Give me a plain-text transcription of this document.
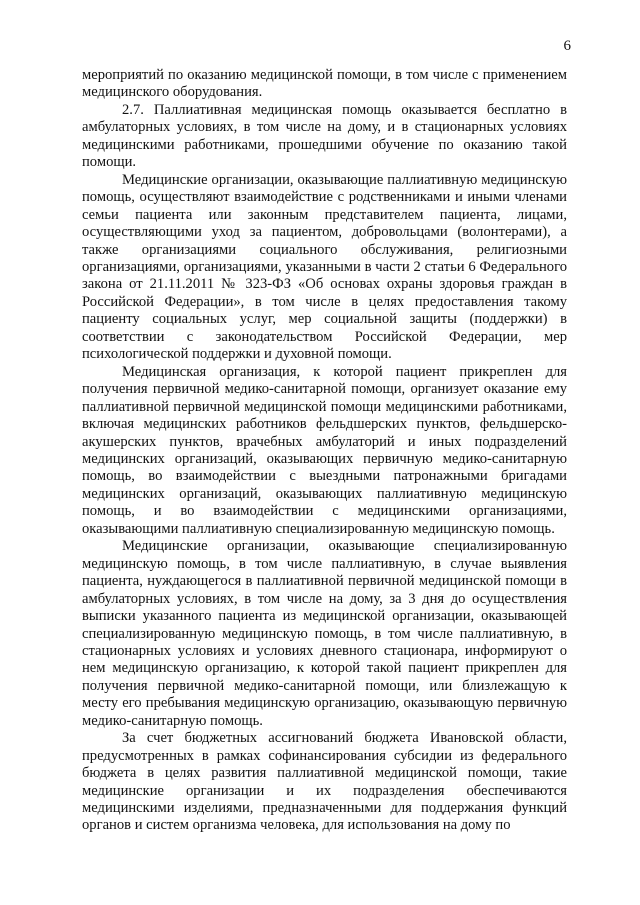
6

мероприятий по оказанию медицинской помощи, в том числе с применением медицинского оборудования.

2.7. Паллиативная медицинская помощь оказывается бесплатно в амбулаторных условиях, в том числе на дому, и в стационарных условиях медицинскими работниками, прошедшими обучение по оказанию такой помощи.

Медицинские организации, оказывающие паллиативную медицинскую помощь, осуществляют взаимодействие с родственниками и иными членами семьи пациента или законным представителем пациента, лицами, осуществляющими уход за пациентом, добровольцами (волонтерами), а также организациями социального обслуживания, религиозными организациями, организациями, указанными в части 2 статьи 6 Федерального закона от 21.11.2011 № 323-ФЗ «Об основах охраны здоровья граждан в Российской Федерации», в том числе в целях предоставления такому пациенту социальных услуг, мер социальной защиты (поддержки) в соответствии с законодательством Российской Федерации, мер психологической поддержки и духовной помощи.

Медицинская организация, к которой пациент прикреплен для получения первичной медико-санитарной помощи, организует оказание ему паллиативной первичной медицинской помощи медицинскими работниками, включая медицинских работников фельдшерских пунктов, фельдшерско-акушерских пунктов, врачебных амбулаторий и иных подразделений медицинских организаций, оказывающих первичную медико-санитарную помощь, во взаимодействии с выездными патронажными бригадами медицинских организаций, оказывающих паллиативную медицинскую помощь, и во взаимодействии с медицинскими организациями, оказывающими паллиативную специализированную медицинскую помощь.

Медицинские организации, оказывающие специализированную медицинскую помощь, в том числе паллиативную, в случае выявления пациента, нуждающегося в паллиативной первичной медицинской помощи в амбулаторных условиях, в том числе на дому, за 3 дня до осуществления выписки указанного пациента из медицинской организации, оказывающей специализированную медицинскую помощь, в том числе паллиативную, в стационарных условиях и условиях дневного стационара, информируют о нем медицинскую организацию, к которой такой пациент прикреплен для получения первичной медико-санитарной помощи, или близлежащую к месту его пребывания медицинскую организацию, оказывающую первичную медико-санитарную помощь.

За счет бюджетных ассигнований бюджета Ивановской области, предусмотренных в рамках софинансирования субсидии из федерального бюджета в целях развития паллиативной медицинской помощи, такие медицинские организации и их подразделения обеспечиваются медицинскими изделиями, предназначенными для поддержания функций органов и систем организма человека, для использования на дому по
